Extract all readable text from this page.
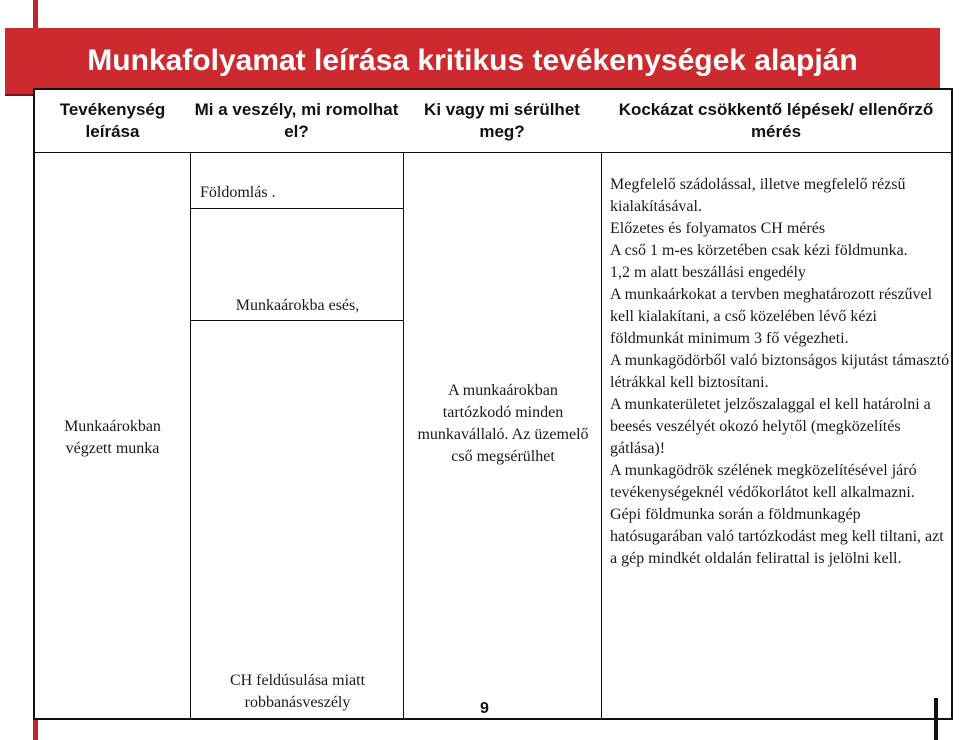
Munkafolyamat leírása kritikus tevékenységek alapján
Tevékenység leírása
Mi a veszély, mi romolhat el?
Ki vagy mi sérülhet meg?
Kockázat csökkentő lépések/ ellenőrző mérés
Munkaárokban végzett munka
Földomlás .
Munkaárokba esés,
CH feldúsulása miatt robbanásveszély
A munkaárokban tartózkodó minden munkavállaló. Az üzemelő cső megsérülhet
Megfelelő szádolással, illetve megfelelő rézsű kialakításával.
Előzetes és folyamatos CH mérés
A cső 1 m-es körzetében csak kézi földmunka.
1,2 m alatt beszállási engedély
A munkaárkokat a tervben meghatározott részűvel kell kialakítani, a cső közelében lévő kézi földmunkát minimum 3 fő végezheti.
A munkagödörből való biztonságos kijutást támasztó létrákkal kell biztosítani.
A munkaterületet jelzőszalaggal el kell határolni a beesés veszélyét okozó helytől (megközelítés gátlása)!
A munkagödrök szélének megközelítésével járó tevékenységeknél védőkorlátot kell alkalmazni.
Gépi földmunka során a földmunkagép hatósugarában való tartózkodást meg kell tiltani, azt a gép mindkét oldalán felirattal is jelölni kell.
9
